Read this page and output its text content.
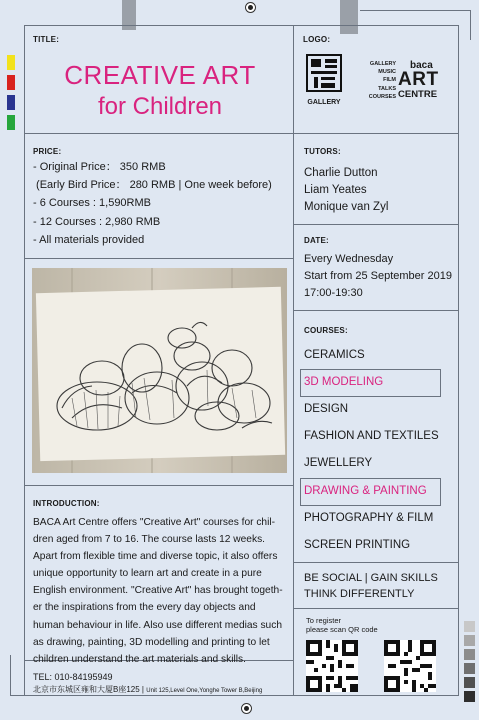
TITLE:
CREATIVE ART
for Children
LOGO:
GALLERY
GALLERY
MUSIC
FILM
TALKS
COURSES
baca
ART
CENTRE
PRICE:
- Original Price： 350 RMB
(Early Bird Price： 280 RMB | One week before)
- 6 Courses : 1,590RMB
- 12 Courses : 2,980 RMB
- All materials provided
INTRODUCTION:
BACA Art Centre offers "Creative Art" courses for chil-
dren aged from 7 to 16. The course lasts 12 weeks.
Apart from flexible time and diverse topic, it also offers
unique opportunity to learn art and create in a pure
English environment. "Creative Art" has brought togeth-
er the inspirations from the every day objects and
human behaviour in life. Also use different medias such
as drawing, painting, 3D modelling and printing to let
children understand the art materials and skills.
TEL: 010-84195949
北京市东城区雍和大厦B座125 | Unit 125,Level One,Yonghe Tower B,Beijing
TUTORS:
Charlie Dutton
Liam Yeates
Monique van Zyl
DATE:
Every Wednesday
Start from 25 September 2019
17:00-19:30
COURSES:
CERAMICS
3D MODELING
DESIGN
FASHION AND TEXTILES
JEWELLERY
DRAWING & PAINTING
PHOTOGRAPHY & FILM
SCREEN PRINTING
BE SOCIAL | GAIN SKILLS
THINK DIFFERENTLY
To register
please scan QR code
